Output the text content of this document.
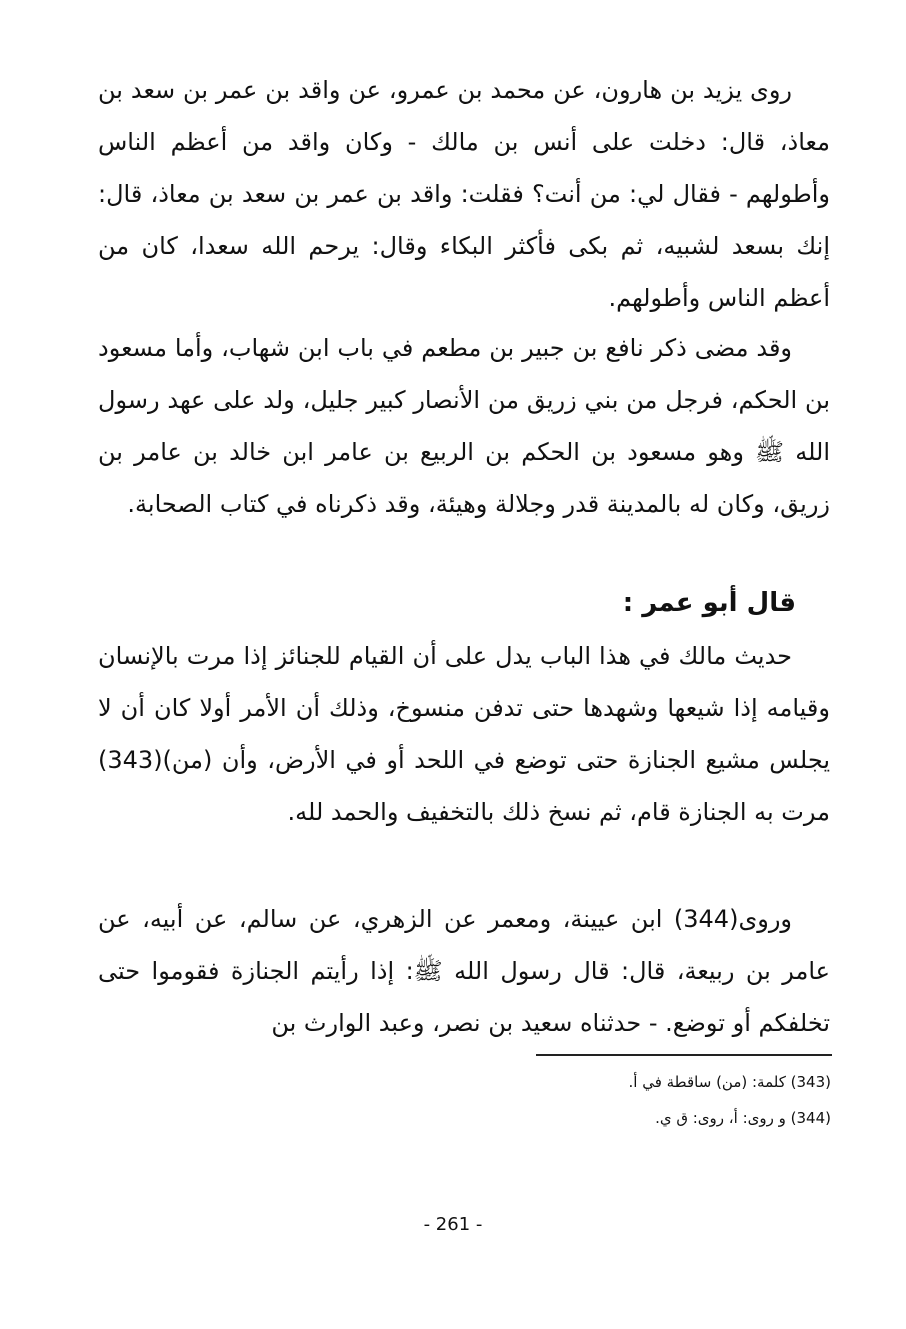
روى يزيد بن هارون، عن محمد بن عمرو، عن واقد بن عمر بن سعد بن معاذ، قال: دخلت على أنس بن مالك - وكان واقد من أعظم الناس وأطولهم - فقال لي: من أنت؟ فقلت: واقد بن عمر بن سعد بن معاذ، قال: إنك بسعد لشبيه، ثم بكى فأكثر البكاء وقال: يرحم الله سعدا، كان من أعظم الناس وأطولهم.
وقد مضى ذكر نافع بن جبير بن مطعم في باب ابن شهاب، وأما مسعود بن الحكم، فرجل من بني زريق من الأنصار كبير جليل، ولد على عهد رسول الله ﷺ وهو مسعود بن الحكم بن الربيع بن عامر ابن خالد بن عامر بن زريق، وكان له بالمدينة قدر وجلالة وهيئة، وقد ذكرناه في كتاب الصحابة.
قال أبو عمر :
حديث مالك في هذا الباب يدل على أن القيام للجنائز إذا مرت بالإنسان وقيامه إذا شيعها وشهدها حتى تدفن منسوخ، وذلك أن الأمر أولا كان أن لا يجلس مشيع الجنازة حتى توضع في اللحد أو في الأرض، وأن (من)(343) مرت به الجنازة قام، ثم نسخ ذلك بالتخفيف والحمد لله.
وروى(344) ابن عيينة، ومعمر عن الزهري، عن سالم، عن أبيه، عن عامر بن ربيعة، قال: قال رسول الله ﷺ: إذا رأيتم الجنازة فقوموا حتى تخلفكم أو توضع. - حدثناه سعيد بن نصر، وعبد الوارث بن
(343) كلمة: (من) ساقطة في أ.
(344) و روى: أ، روى: ق ي.
- 261 -
